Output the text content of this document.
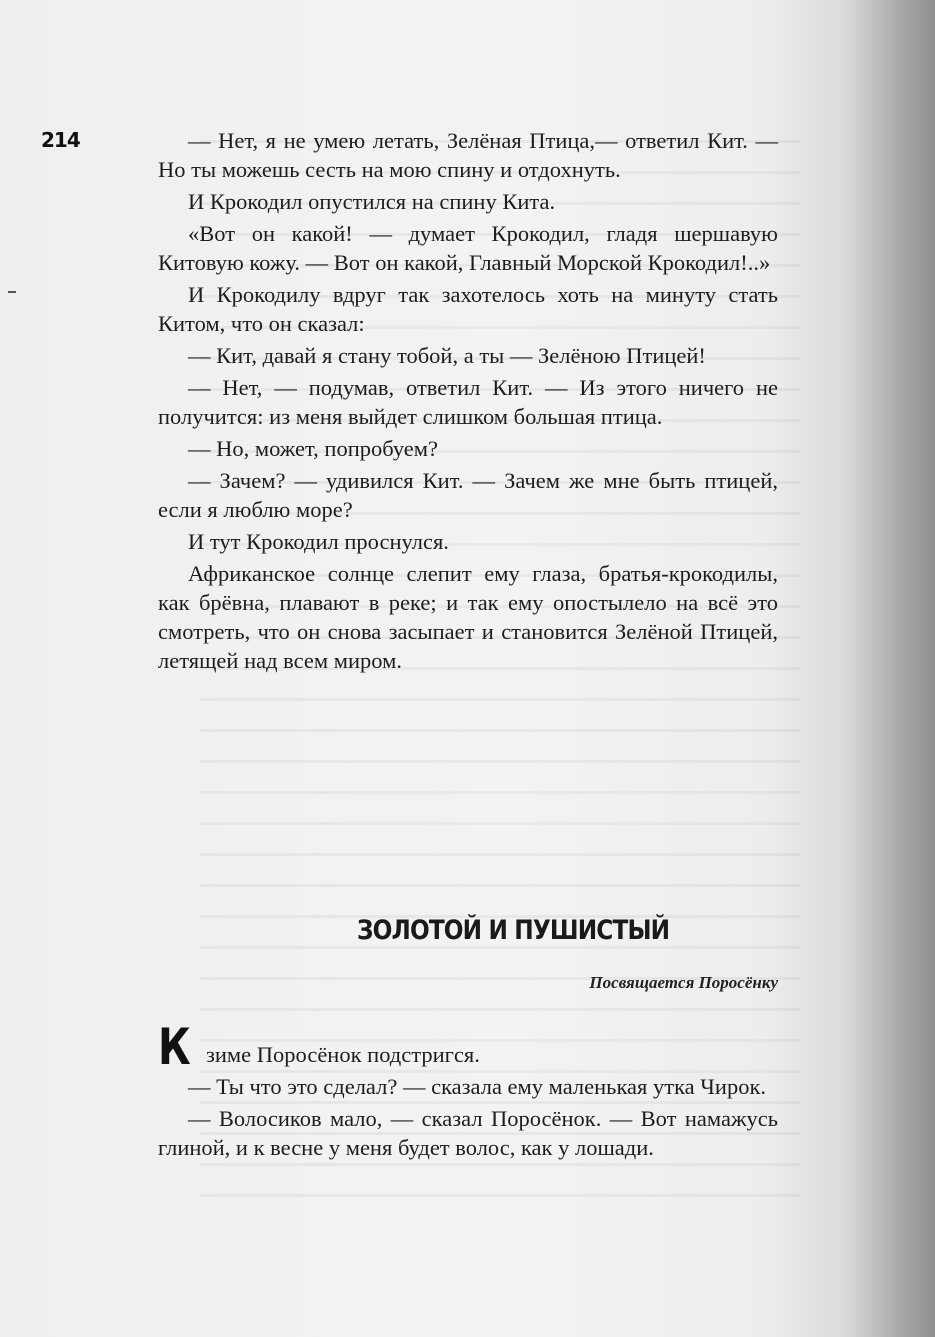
214	— Нет, я не умею летать, Зелёная Птица,— ответил Кит. — Но ты можешь сесть на мою спину и отдохнуть.

И Крокодил опустился на спину Кита.

«Вот он какой! — думает Крокодил, гладя шершавую Китовую кожу. — Вот он какой, Главный Морской Крокодил!..»

И Крокодилу вдруг так захотелось хоть на минуту стать Китом, что он сказал:

— Кит, давай я стану тобой, а ты — Зелёною Птицей!

— Нет, — подумав, ответил Кит. — Из этого ничего не получится: из меня выйдет слишком большая птица.

— Но, может, попробуем?

— Зачем? — удивился Кит. — Зачем же мне быть птицей, если я люблю море?

И тут Крокодил проснулся.

Африканское солнце слепит ему глаза, братья-крокодилы, как брёвна, плавают в реке; и так ему опостылело на всё это смотреть, что он снова засыпает и становится Зелёной Птицей, летящей над всем миром.

ЗОЛОТОЙ И ПУШИСТЫЙ
Посвящается Поросёнку

Кзиме Поросёнок подстригся.

— Ты что это сделал? — сказала ему маленькая утка Чирок.

— Волосиков мало, — сказал Поросёнок. — Вот намажусь глиной, и к весне у меня будет волос, как у лошади.
